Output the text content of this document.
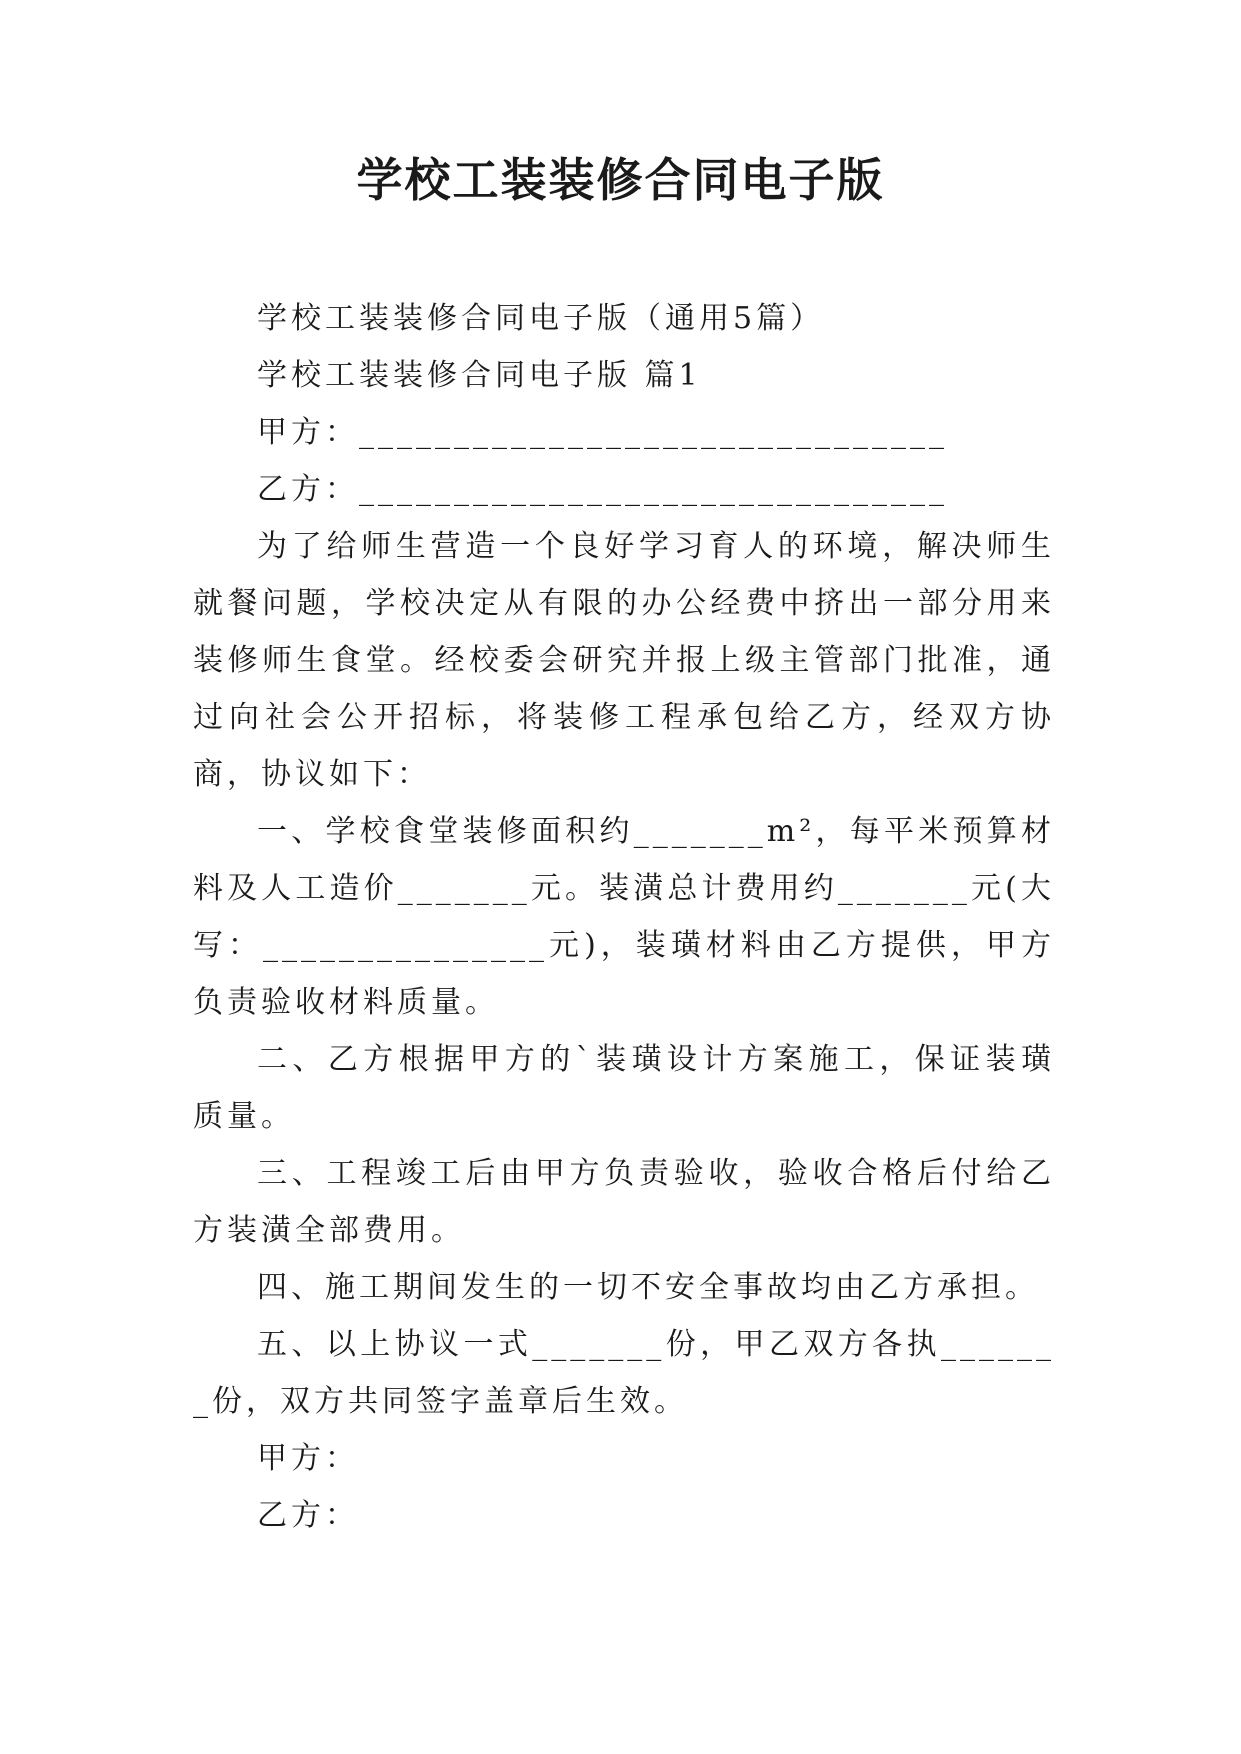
学校工装装修合同电子版

学校工装装修合同电子版（通用5篇）

学校工装装修合同电子版 篇1

甲方：_______________________________

乙方：_______________________________

为了给师生营造一个良好学习育人的环境，解决师生就餐问题，学校决定从有限的办公经费中挤出一部分用来装修师生食堂。经校委会研究并报上级主管部门批准，通过向社会公开招标，将装修工程承包给乙方，经双方协商，协议如下：

一、学校食堂装修面积约_______m²，每平米预算材料及人工造价_______元。装潢总计费用约_______元(大写：_______________元)，装璜材料由乙方提供，甲方负责验收材料质量。

二、乙方根据甲方的`装璜设计方案施工，保证装璜质量。

三、工程竣工后由甲方负责验收，验收合格后付给乙方装潢全部费用。

四、施工期间发生的一切不安全事故均由乙方承担。

五、以上协议一式_______份，甲乙双方各执_______份，双方共同签字盖章后生效。

甲方：

乙方：
